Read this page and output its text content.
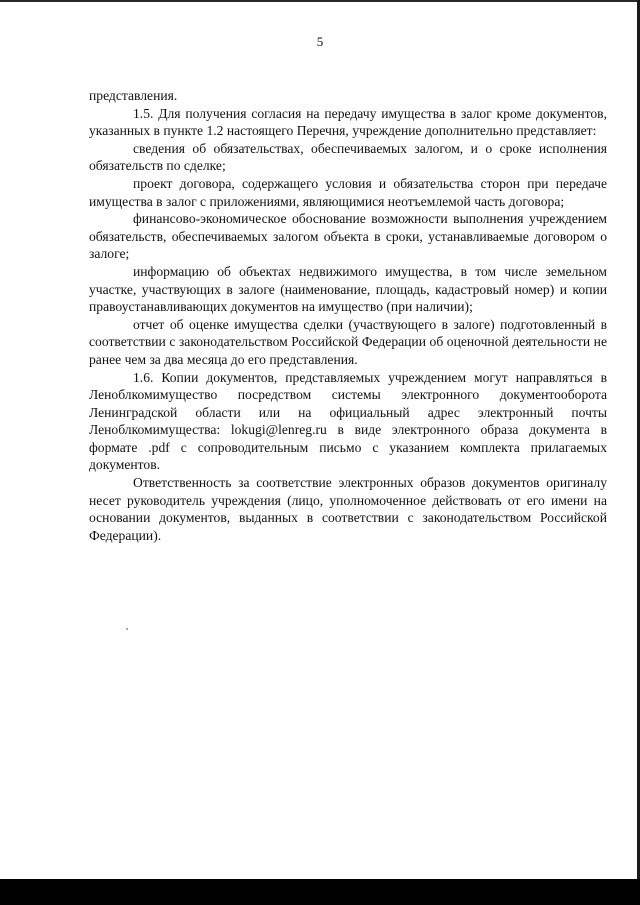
5

представления.

1.5. Для получения согласия на передачу имущества в залог кроме документов, указанных в пункте 1.2 настоящего Перечня, учреждение дополнительно представляет:

сведения об обязательствах, обеспечиваемых залогом, и о сроке исполнения обязательств по сделке;

проект договора, содержащего условия и обязательства сторон при передаче имущества в залог с приложениями, являющимися неотъемлемой часть договора;

финансово-экономическое обоснование возможности выполнения учреждением обязательств, обеспечиваемых залогом объекта в сроки, устанавливаемые договором о залоге;

информацию об объектах недвижимого имущества, в том числе земельном участке, участвующих в залоге (наименование, площадь, кадастровый номер) и копии правоустанавливающих документов на имущество (при наличии);

отчет об оценке имущества сделки (участвующего в залоге) подготовленный в соответствии с законодательством Российской Федерации об оценочной деятельности не ранее чем за два месяца до его представления.

1.6. Копии документов, представляемых учреждением могут направляться в Леноблкомимущество посредством системы электронного документооборота Ленинградской области или на официальный адрес электронный почты Леноблкомимущества: lokugi@lenreg.ru в виде электронного образа документа в формате .pdf с сопроводительным письмо с указанием комплекта прилагаемых документов.

Ответственность за соответствие электронных образов документов оригиналу несет руководитель учреждения (лицо, уполномоченное действовать от его имени на основании документов, выданных в соответствии с законодательством Российской Федерации).
